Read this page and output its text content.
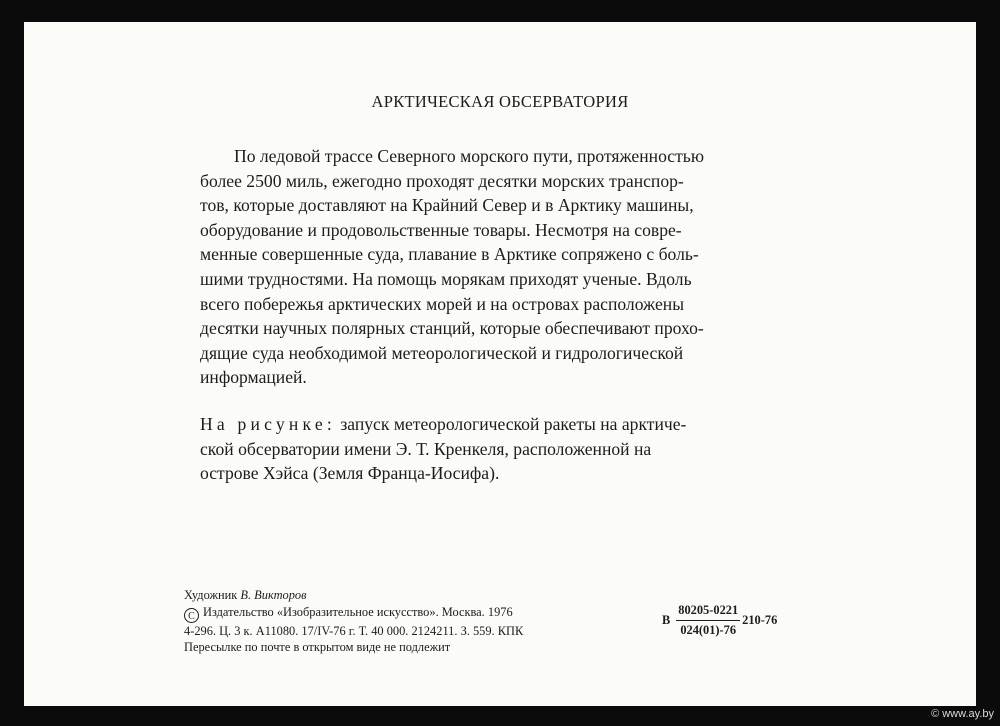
АРКТИЧЕСКАЯ ОБСЕРВАТОРИЯ
По ледовой трассе Северного морского пути, протяженностью
более 2500 миль, ежегодно проходят десятки морских транспор-
тов, которые доставляют на Крайний Север и в Арктику машины,
оборудование и продовольственные товары. Несмотря на совре-
менные совершенные суда, плавание в Арктике сопряжено с боль-
шими трудностями. На помощь морякам приходят ученые. Вдоль
всего побережья арктических морей и на островах расположены
десятки научных полярных станций, которые обеспечивают прохо-
дящие суда необходимой метеорологической и гидрологической
информацией.
На рисунке: запуск метеорологической ракеты на арктиче-
ской обсерватории имени Э. Т. Кренкеля, расположенной на
острове Хэйса (Земля Франца-Иосифа).
Художник В. Викторов
C Издательство «Изобразительное искусство». Москва. 1976
4-296. Ц. 3 к. А11080. 17/IV-76 г. Т. 40 000. 2124211. З. 559. КПК
Пересылке по почте в открытом виде не подлежит
В $\frac{80205-0221}{024(01)-76} 210-76$
© www.ay.by
